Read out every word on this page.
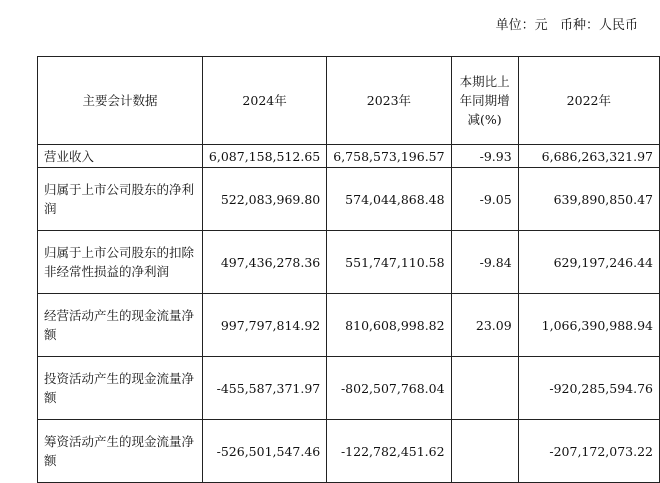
单位：元   币种：人民币
主要会计数据	2024年	2023年	本期比上年同期增减(%)	2022年
营业收入	6,087,158,512.65	6,758,573,196.57	-9.93	6,686,263,321.97
归属于上市公司股东的净利润	522,083,969.80	574,044,868.48	-9.05	639,890,850.47
归属于上市公司股东的扣除非经常性损益的净利润	497,436,278.36	551,747,110.58	-9.84	629,197,246.44
经营活动产生的现金流量净额	997,797,814.92	810,608,998.82	23.09	1,066,390,988.94
投资活动产生的现金流量净额	-455,587,371.97	-802,507,768.04		-920,285,594.76
筹资活动产生的现金流量净额	-526,501,547.46	-122,782,451.62		-207,172,073.22
